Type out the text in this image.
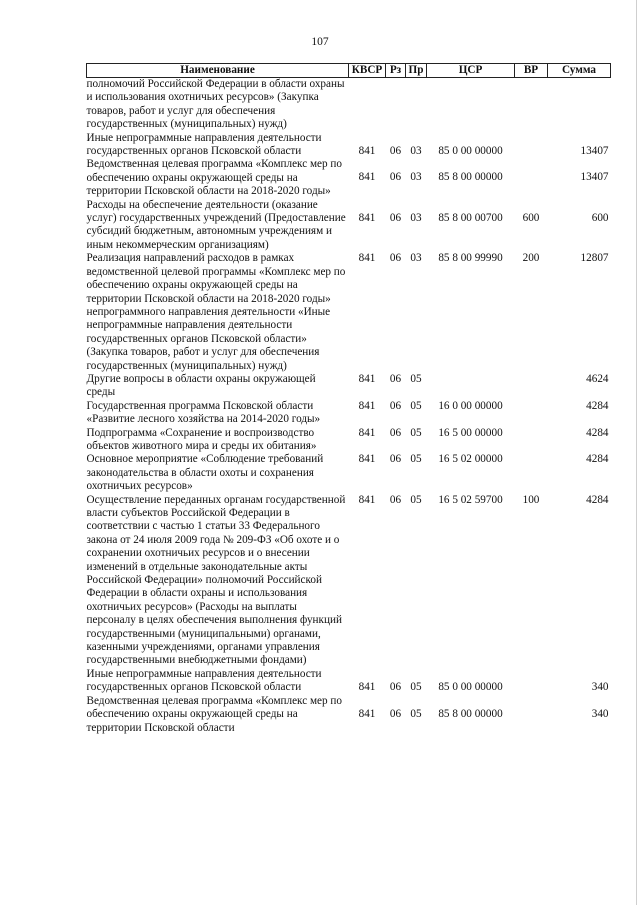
107
Наименование	КВСР	Рз	Пр	ЦСР	ВР	Сумма
полномочий Российской Федерации в области охраны и использования охотничьих ресурсов» (Закупка товаров, работ и услуг для обеспечения государственных (муниципальных) нужд)						
Иные непрограммные направления деятельности государственных органов Псковской области	841	06	03	85 0 00 00000		13407
Ведомственная целевая программа «Комплекс мер по обеспечению охраны окружающей среды на территории Псковской области на 2018-2020 годы»	841	06	03	85 8 00 00000		13407
Расходы на обеспечение деятельности (оказание услуг) государственных учреждений (Предоставление субсидий бюджетным, автономным учреждениям и иным некоммерческим организациям)	841	06	03	85 8 00 00700	600	600
Реализация направлений расходов в рамках ведомственной целевой программы «Комплекс мер по обеспечению охраны окружающей среды на территории Псковской области на 2018-2020 годы» непрограммного направления деятельности «Иные непрограммные направления деятельности государственных органов Псковской области» (Закупка товаров, работ и услуг для обеспечения государственных (муниципальных) нужд)	841	06	03	85 8 00 99990	200	12807
Другие вопросы в области охраны окружающей среды	841	06	05			4624
Государственная программа Псковской области «Развитие лесного хозяйства на 2014-2020 годы»	841	06	05	16 0 00 00000		4284
Подпрограмма «Сохранение и воспроизводство объектов животного мира и среды их обитания»	841	06	05	16 5 00 00000		4284
Основное мероприятие «Соблюдение требований законодательства в области охоты и сохранения охотничьих ресурсов»	841	06	05	16 5 02 00000		4284
Осуществление переданных органам государственной власти субъектов Российской Федерации в соответствии с частью 1 статьи 33 Федерального закона от 24 июля 2009 года № 209-ФЗ «Об охоте и о сохранении охотничьих ресурсов и о внесении изменений в отдельные законодательные акты Российской Федерации» полномочий Российской Федерации в области охраны и использования охотничьих ресурсов» (Расходы на выплаты персоналу в целях обеспечения выполнения функций государственными (муниципальными) органами, казенными учреждениями, органами управления государственными внебюджетными фондами)	841	06	05	16 5 02 59700	100	4284
Иные непрограммные направления деятельности государственных органов Псковской области	841	06	05	85 0 00 00000		340
Ведомственная целевая программа «Комплекс мер по обеспечению охраны окружающей среды на территории Псковской области	841	06	05	85 8 00 00000		340
